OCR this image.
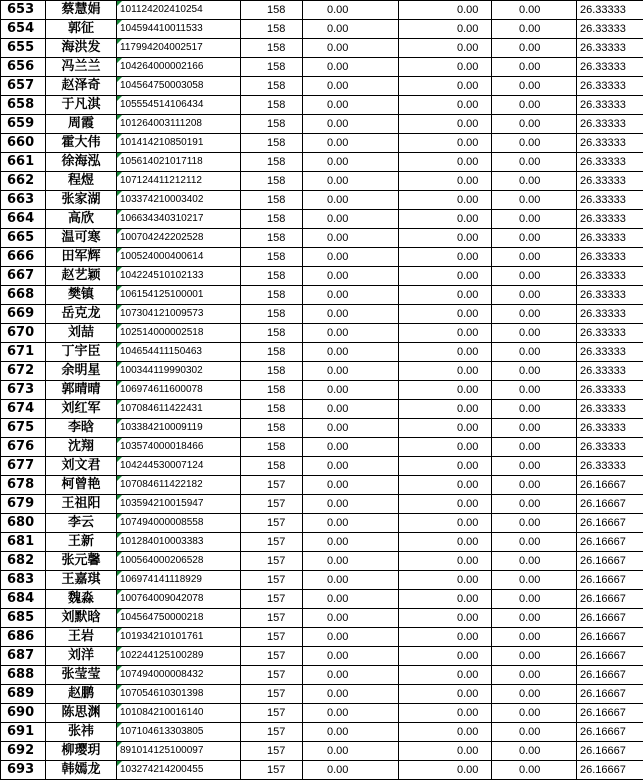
653	蔡慧娟	101124202410254	158	0.00	0.00	0.00	26.33333
654	郭征	104594410011533	158	0.00	0.00	0.00	26.33333
655	海洪发	117994204002517	158	0.00	0.00	0.00	26.33333
656	冯兰兰	104264000002166	158	0.00	0.00	0.00	26.33333
657	赵泽奇	104564750003058	158	0.00	0.00	0.00	26.33333
658	于凡淇	105554514106434	158	0.00	0.00	0.00	26.33333
659	周霞	101264003111208	158	0.00	0.00	0.00	26.33333
660	霍大伟	101414210850191	158	0.00	0.00	0.00	26.33333
661	徐海泓	105614021017118	158	0.00	0.00	0.00	26.33333
662	程煜	107124411212112	158	0.00	0.00	0.00	26.33333
663	张家湖	103374210003402	158	0.00	0.00	0.00	26.33333
664	高欣	106634340310217	158	0.00	0.00	0.00	26.33333
665	温可寒	100704242202528	158	0.00	0.00	0.00	26.33333
666	田军辉	100524000400614	158	0.00	0.00	0.00	26.33333
667	赵艺颖	104224510102133	158	0.00	0.00	0.00	26.33333
668	樊镇	106154125100001	158	0.00	0.00	0.00	26.33333
669	岳克龙	107304121009573	158	0.00	0.00	0.00	26.33333
670	刘喆	102514000002518	158	0.00	0.00	0.00	26.33333
671	丁宇臣	104654411150463	158	0.00	0.00	0.00	26.33333
672	余明星	100344119990302	158	0.00	0.00	0.00	26.33333
673	郭晴晴	106974611600078	158	0.00	0.00	0.00	26.33333
674	刘红军	107084611422431	158	0.00	0.00	0.00	26.33333
675	李晗	103384210009119	158	0.00	0.00	0.00	26.33333
676	沈翔	103574000018466	158	0.00	0.00	0.00	26.33333
677	刘文君	104244530007124	158	0.00	0.00	0.00	26.33333
678	柯曾艳	107084611422182	157	0.00	0.00	0.00	26.16667
679	王祖阳	103594210015947	157	0.00	0.00	0.00	26.16667
680	李云	107494000008558	157	0.00	0.00	0.00	26.16667
681	王新	101284010003383	157	0.00	0.00	0.00	26.16667
682	张元馨	100564000206528	157	0.00	0.00	0.00	26.16667
683	王嘉琪	106974141118929	157	0.00	0.00	0.00	26.16667
684	魏淼	100764009042078	157	0.00	0.00	0.00	26.16667
685	刘默晗	104564750000218	157	0.00	0.00	0.00	26.16667
686	王岩	101934210101761	157	0.00	0.00	0.00	26.16667
687	刘洋	102244125100289	157	0.00	0.00	0.00	26.16667
688	张莹莹	107494000008432	157	0.00	0.00	0.00	26.16667
689	赵鹏	107054610301398	157	0.00	0.00	0.00	26.16667
690	陈思渊	101084210016140	157	0.00	0.00	0.00	26.16667
691	张祎	107104613303805	157	0.00	0.00	0.00	26.16667
692	柳璎玥	891014125100097	157	0.00	0.00	0.00	26.16667
693	韩嫣龙	103274214200455	157	0.00	0.00	0.00	26.16667
